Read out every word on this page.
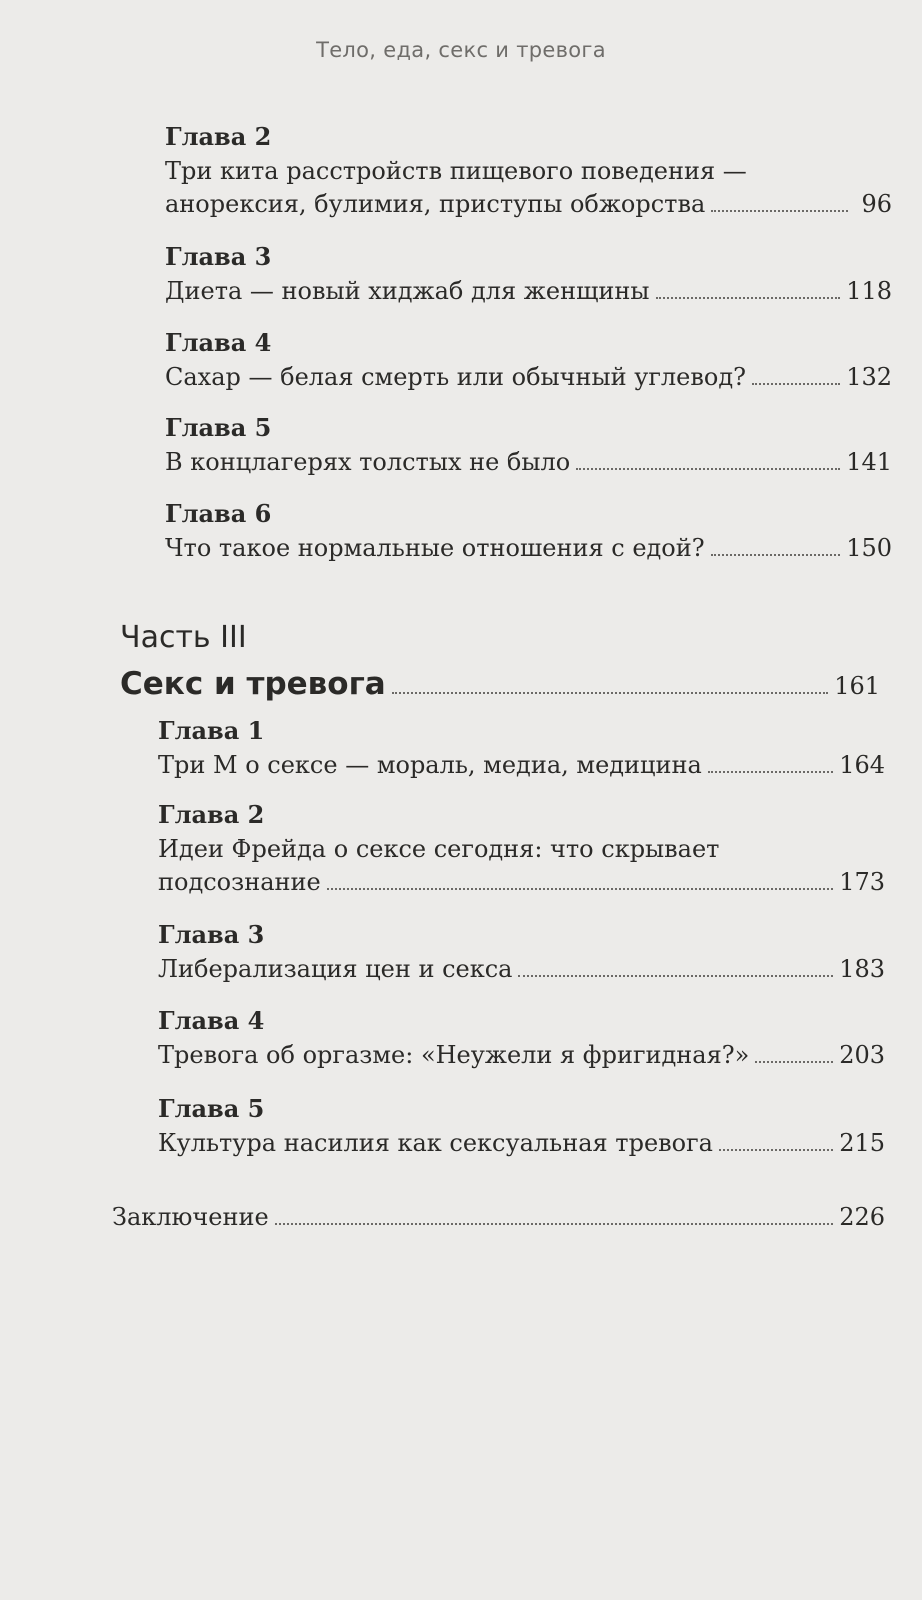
Тело, еда, секс и тревога
Глава 2
Три кита расстройств пищевого поведения —
анорексия, булимия, приступы обжорства	96
Глава 3
Диета — новый хиджаб для женщины	118
Глава 4
Сахар — белая смерть или обычный углевод?	132
Глава 5
В концлагерях толстых не было	141
Глава 6
Что такое нормальные отношения с едой?	150
Часть III
Секс и тревога	161
Глава 1
Три М о сексе — мораль, медиа, медицина	164
Глава 2
Идеи Фрейда о сексе сегодня: что скрывает
подсознание	173
Глава 3
Либерализация цен и секса	183
Глава 4
Тревога об оргазме: «Неужели я фригидная?»	203
Глава 5
Культура насилия как сексуальная тревога	215
Заключение	226
